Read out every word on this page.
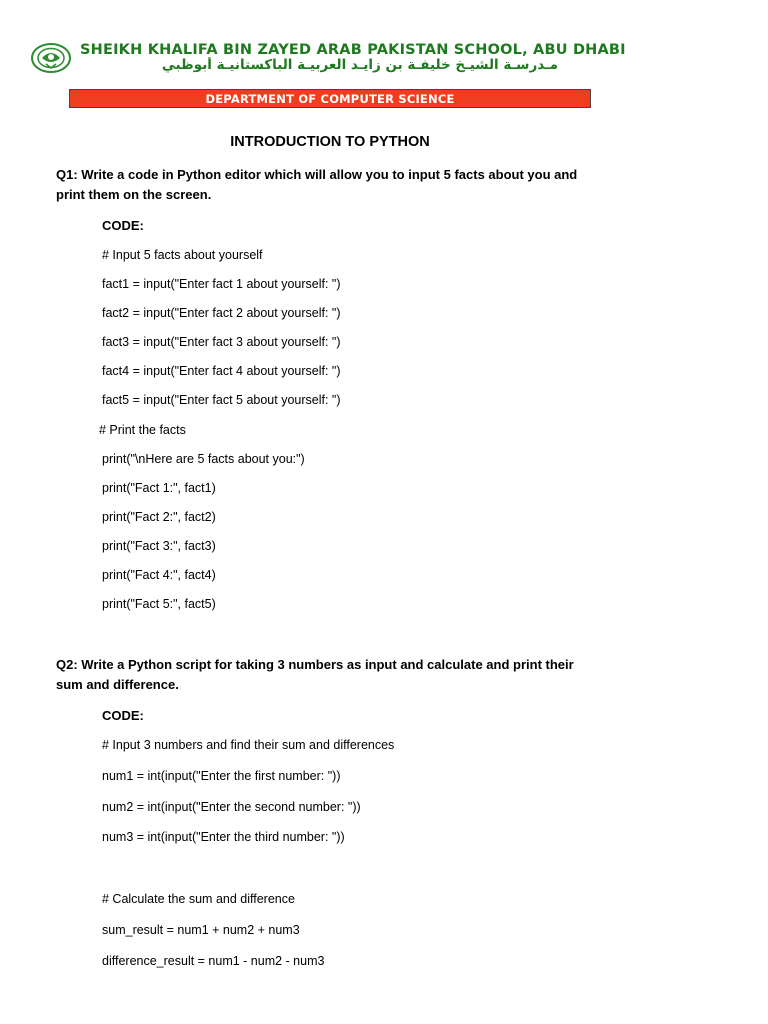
SHEIKH KHALIFA BIN ZAYED ARAB PAKISTAN SCHOOL, ABU DHABI
مـدرسـة الشيـخ خليفـة بن زايـد العربيـة الباكستانيـة أبوظبي
DEPARTMENT OF COMPUTER SCIENCE
INTRODUCTION TO PYTHON
Q1: Write a code in Python editor which will allow you to input 5 facts about you and print them on the screen.
CODE:
# Input 5 facts about yourself
fact1 = input("Enter fact 1 about yourself: ")
fact2 = input("Enter fact 2 about yourself: ")
fact3 = input("Enter fact 3 about yourself: ")
fact4 = input("Enter fact 4 about yourself: ")
fact5 = input("Enter fact 5 about yourself: ")
# Print the facts
print("\nHere are 5 facts about you:")
print("Fact 1:", fact1)
print("Fact 2:", fact2)
print("Fact 3:", fact3)
print("Fact 4:", fact4)
print("Fact 5:", fact5)
Q2: Write a Python script for taking 3 numbers as input and calculate and print their sum and difference.
CODE:
# Input 3 numbers and find their sum and differences
num1 = int(input("Enter the first number: "))
num2 = int(input("Enter the second number: "))
num3 = int(input("Enter the third number: "))
# Calculate the sum and difference
sum_result = num1 + num2 + num3
difference_result = num1 - num2 - num3
